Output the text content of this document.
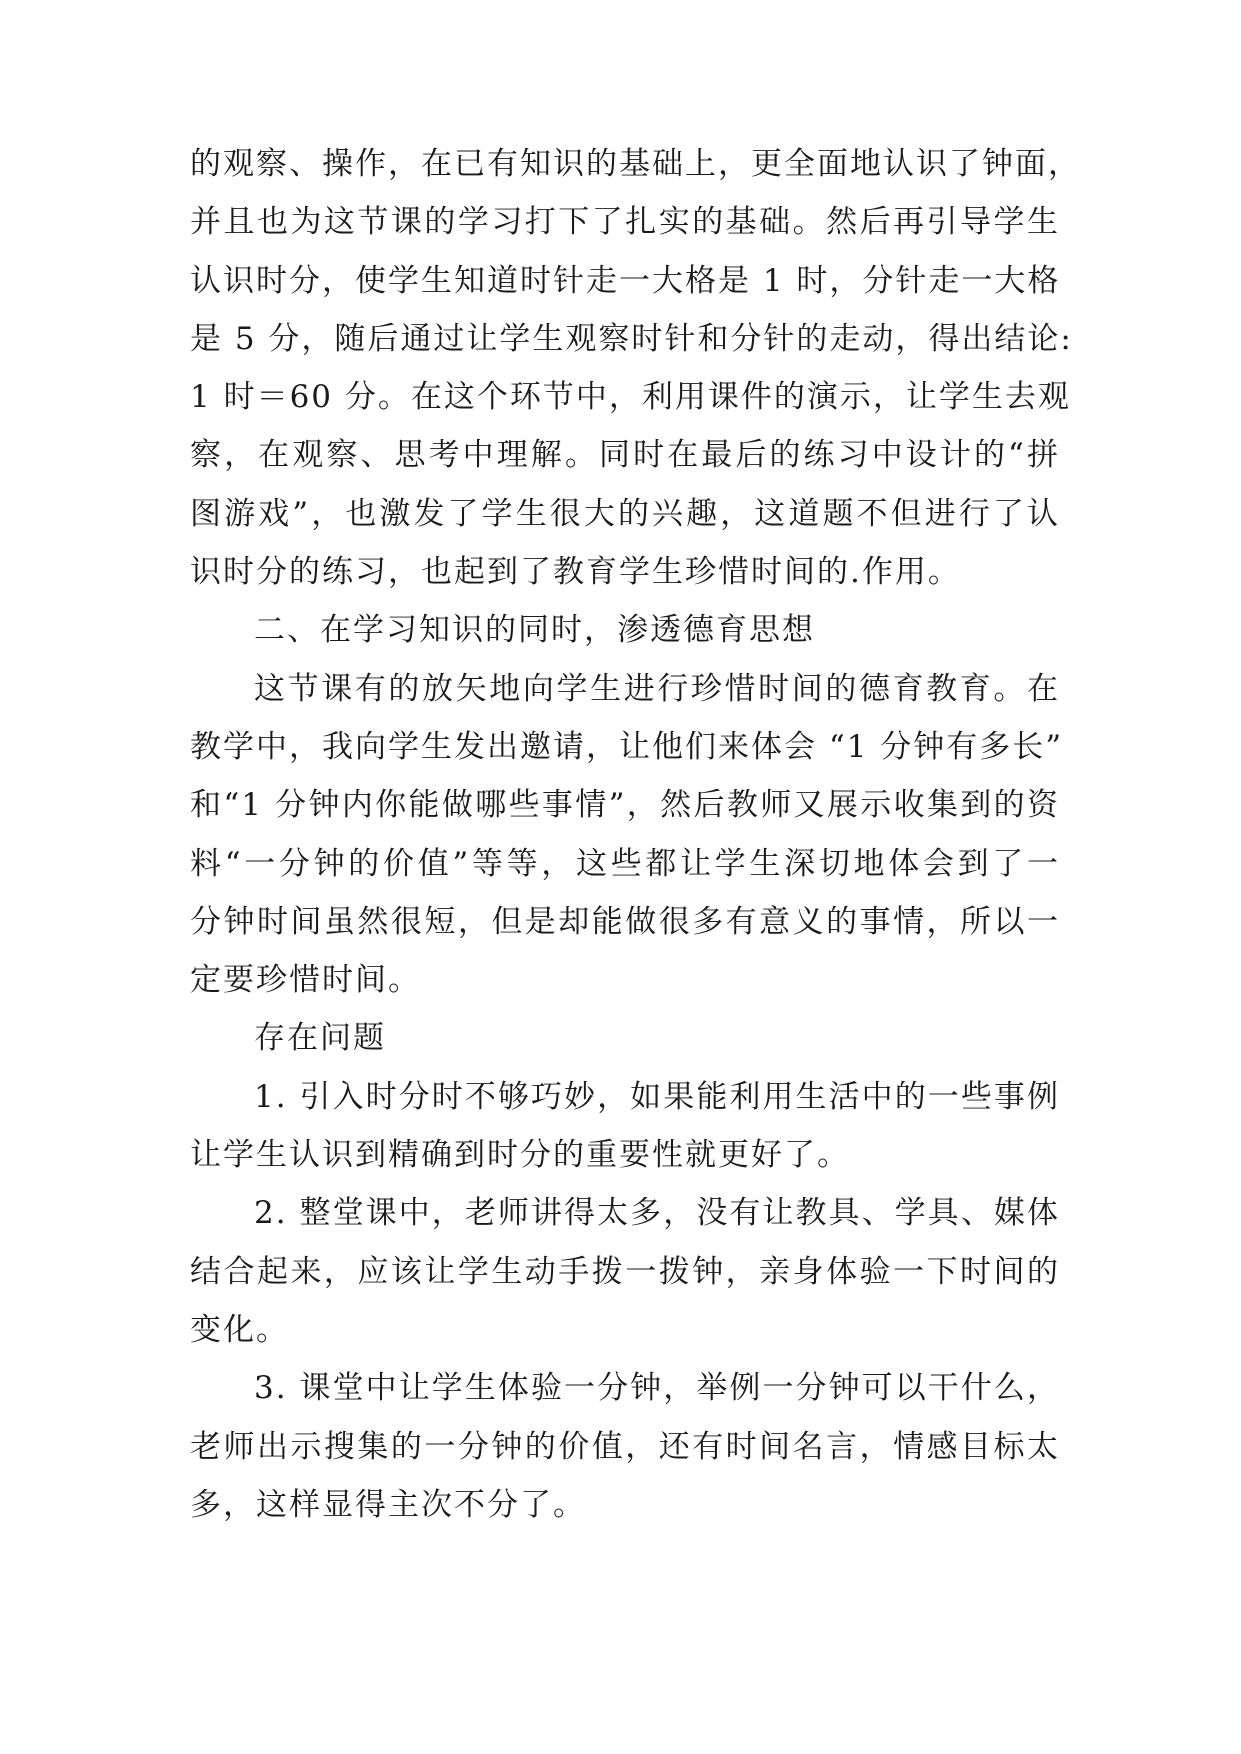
的观察、操作，在已有知识的基础上，更全面地认识了钟面，
并且也为这节课的学习打下了扎实的基础。然后再引导学生
认识时分，使学生知道时针走一大格是 1 时，分针走一大格
是 5 分，随后通过让学生观察时针和分针的走动，得出结论:
1 时＝60 分。在这个环节中，利用课件的演示，让学生去观
察，在观察、思考中理解。同时在最后的练习中设计的“拼
图游戏”，也激发了学生很大的兴趣，这道题不但进行了认
识时分的练习，也起到了教育学生珍惜时间的.作用。
二、在学习知识的同时，渗透德育思想
这节课有的放矢地向学生进行珍惜时间的德育教育。在
教学中，我向学生发出邀请，让他们来体会 “1 分钟有多长”
和“1 分钟内你能做哪些事情”，然后教师又展示收集到的资
料“一分钟的价值”等等，这些都让学生深切地体会到了一
分钟时间虽然很短，但是却能做很多有意义的事情，所以一
定要珍惜时间。
存在问题
1. 引入时分时不够巧妙，如果能利用生活中的一些事例
让学生认识到精确到时分的重要性就更好了。
2. 整堂课中，老师讲得太多，没有让教具、学具、媒体
结合起来，应该让学生动手拨一拨钟，亲身体验一下时间的
变化。
3. 课堂中让学生体验一分钟，举例一分钟可以干什么，
老师出示搜集的一分钟的价值，还有时间名言，情感目标太
多，这样显得主次不分了。
